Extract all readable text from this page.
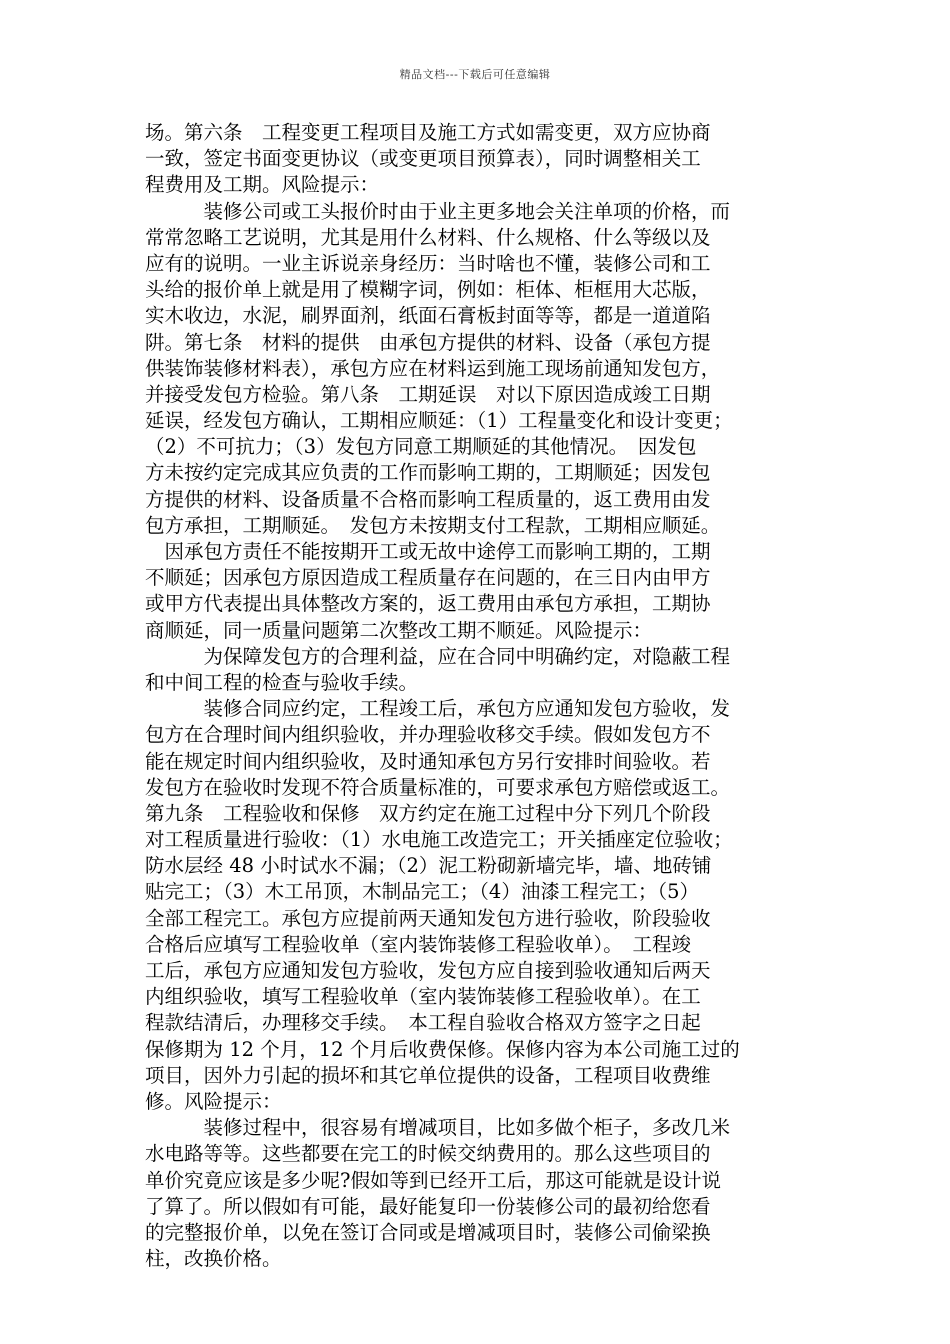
精品文档---下载后可任意编辑
场。第六条　工程变更工程项目及施工方式如需变更，双方应协商
一致，签定书面变更协议（或变更项目预算表），同时调整相关工
程费用及工期。风险提示：
　　　装修公司或工头报价时由于业主更多地会关注单项的价格，而
常常忽略工艺说明，尤其是用什么材料、什么规格、什么等级以及
应有的说明。一业主诉说亲身经历：当时啥也不懂，装修公司和工
头给的报价单上就是用了模糊字词，例如：柜体、柜框用大芯版，
实木收边，水泥，刷界面剂，纸面石膏板封面等等，都是一道道陷
阱。第七条　材料的提供　由承包方提供的材料、设备（承包方提
供装饰装修材料表），承包方应在材料运到施工现场前通知发包方，
并接受发包方检验。第八条　工期延误　对以下原因造成竣工日期
延误，经发包方确认，工期相应顺延：（1）工程量变化和设计变更；
（2）不可抗力；（3）发包方同意工期顺延的其他情况。　因发包
方未按约定完成其应负责的工作而影响工期的，工期顺延；因发包
方提供的材料、设备质量不合格而影响工程质量的，返工费用由发
包方承担，工期顺延。　发包方未按期支付工程款，工期相应顺延。
　因承包方责任不能按期开工或无故中途停工而影响工期的，工期
不顺延；因承包方原因造成工程质量存在问题的，在三日内由甲方
或甲方代表提出具体整改方案的，返工费用由承包方承担，工期协
商顺延，同一质量问题第二次整改工期不顺延。风险提示：
　　　为保障发包方的合理利益，应在合同中明确约定，对隐蔽工程
和中间工程的检查与验收手续。
　　　装修合同应约定，工程竣工后，承包方应通知发包方验收，发
包方在合理时间内组织验收，并办理验收移交手续。假如发包方不
能在规定时间内组织验收，及时通知承包方另行安排时间验收。若
发包方在验收时发现不符合质量标准的，可要求承包方赔偿或返工。
第九条　工程验收和保修　双方约定在施工过程中分下列几个阶段
对工程质量进行验收：（1）水电施工改造完工；开关插座定位验收；
防水层经 48 小时试水不漏；（2）泥工粉砌新墙完毕，墙、地砖铺
贴完工；（3）木工吊顶，木制品完工；（4）油漆工程完工；（5）
全部工程完工。承包方应提前两天通知发包方进行验收，阶段验收
合格后应填写工程验收单（室内装饰装修工程验收单）。　工程竣
工后，承包方应通知发包方验收，发包方应自接到验收通知后两天
内组织验收，填写工程验收单（室内装饰装修工程验收单）。在工
程款结清后，办理移交手续。　本工程自验收合格双方签字之日起
保修期为 12 个月，12 个月后收费保修。保修内容为本公司施工过的
项目，因外力引起的损坏和其它单位提供的设备，工程项目收费维
修。风险提示：
　　　装修过程中，很容易有增减项目，比如多做个柜子，多改几米
水电路等等。这些都要在完工的时候交纳费用的。那么这些项目的
单价究竟应该是多少呢?假如等到已经开工后，那这可能就是设计说
了算了。所以假如有可能，最好能复印一份装修公司的最初给您看
的完整报价单，以免在签订合同或是增减项目时，装修公司偷梁换
柱，改换价格。
